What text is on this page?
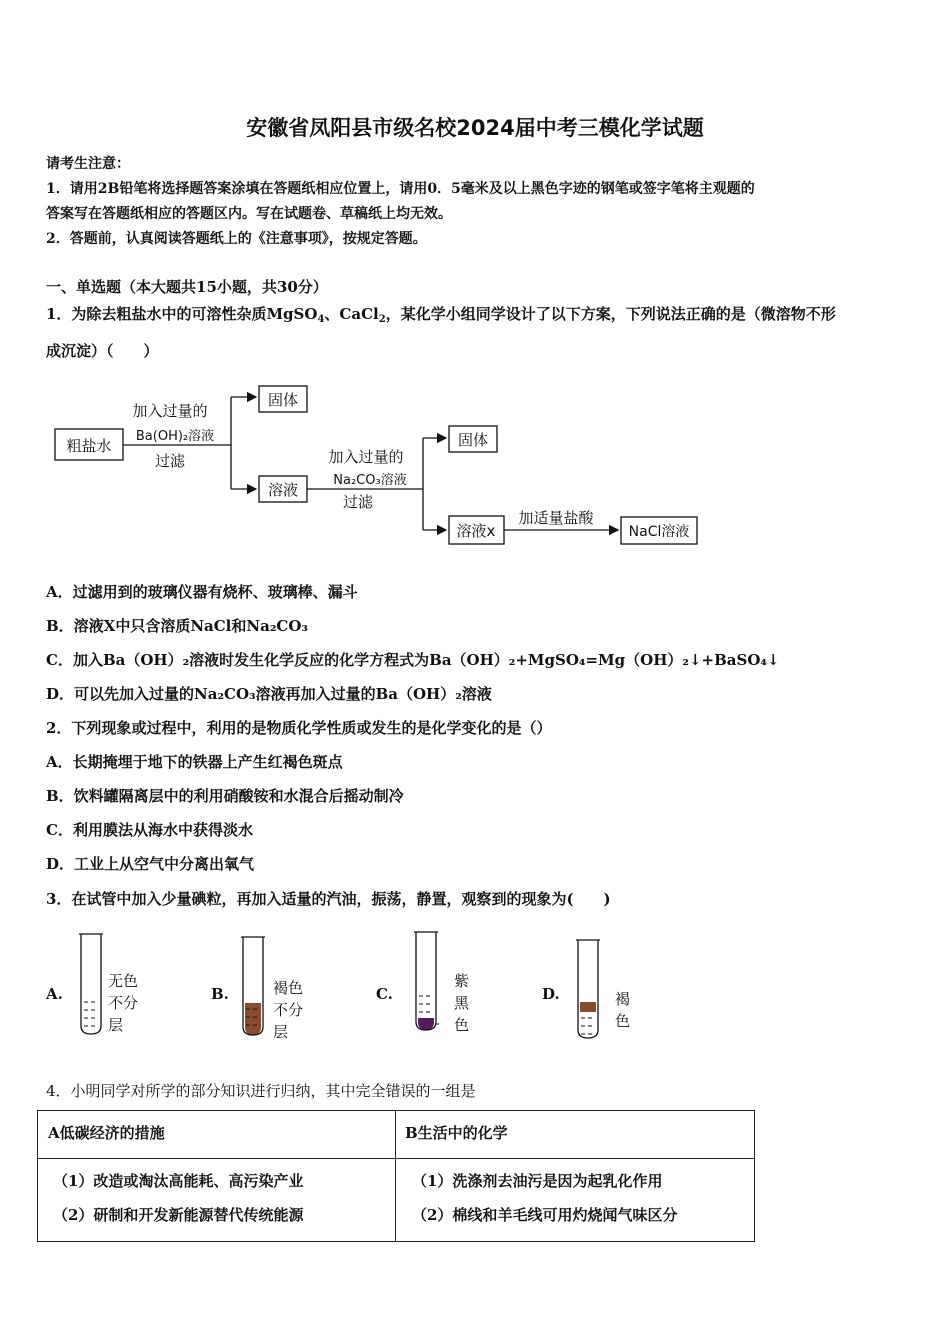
安徽省凤阳县市级名校2024届中考三模化学试题
请考生注意：
1．请用2B铅笔将选择题答案涂填在答题纸相应位置上，请用0．5毫米及以上黑色字迹的钢笔或签字笔将主观题的
答案写在答题纸相应的答题区内。写在试题卷、草稿纸上均无效。
2．答题前，认真阅读答题纸上的《注意事项》，按规定答题。
一、单选题（本大题共15小题，共30分）
1．为除去粗盐水中的可溶性杂质MgSO$_4$、CaCl$_2$，某化学小组同学设计了以下方案，下列说法正确的是（微溶物不形
成沉淀）（　　）
粗盐水
固体
溶液
固体
溶液x	NaCl溶液
加入过量的
Ba(OH)₂溶液
过滤	加入过量的
Na₂CO₃溶液
过滤
加适量盐酸
A．过滤用到的玻璃仪器有烧杯、玻璃棒、漏斗
B．溶液X中只含溶质NaCl和Na₂CO₃
C．加入Ba（OH）₂溶液时发生化学反应的化学方程式为Ba（OH）₂+MgSO₄=Mg（OH）₂↓+BaSO₄↓
D．可以先加入过量的Na₂CO₃溶液再加入过量的Ba（OH）₂溶液
2．下列现象或过程中，利用的是物质化学性质或发生的是化学变化的是（）
A．长期掩埋于地下的铁器上产生红褐色斑点
B．饮料罐隔离层中的利用硝酸铵和水混合后摇动制冷
C．利用膜法从海水中获得淡水
D．工业上从空气中分离出氧气
3．在试管中加入少量碘粒，再加入适量的汽油，振荡，静置，观察到的现象为(　　)
A.
无色
不分
层
B.	褐色
不分
层
C.
紫
黑
色
D.	褐
色
4．小明同学对所学的部分知识进行归纳，其中完全错误的一组是
A低碳经济的措施	B生活中的化学
（1）改造或淘汰高能耗、高污染产业
（2）研制和开发新能源替代传统能源
（1）洗涤剂去油污是因为起乳化作用
（2）棉线和羊毛线可用灼烧闻气味区分
